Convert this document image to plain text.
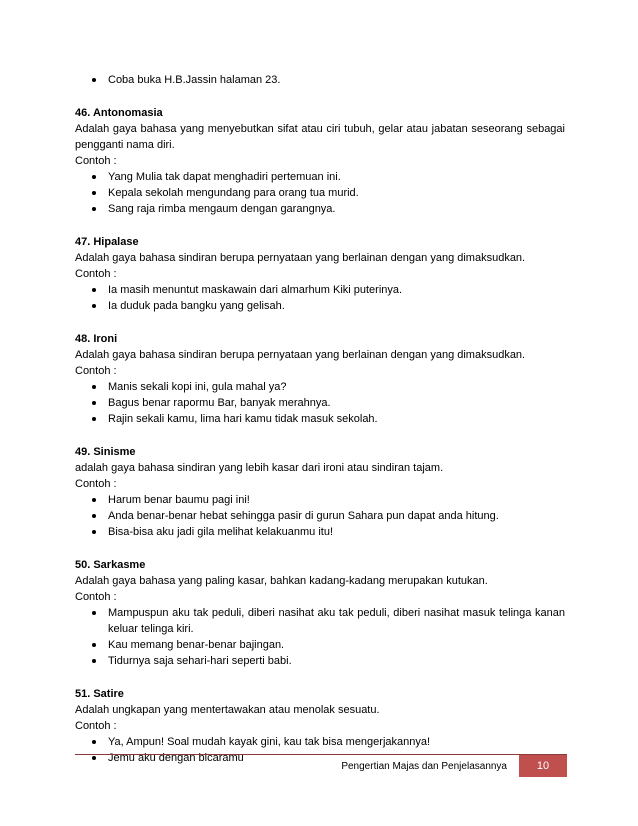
Coba buka H.B.Jassin halaman 23.
46. Antonomasia
Adalah gaya bahasa yang menyebutkan sifat atau ciri tubuh, gelar atau jabatan seseorang sebagai pengganti nama diri.
Contoh :
Yang Mulia tak dapat menghadiri pertemuan ini.
Kepala sekolah mengundang para orang tua murid.
Sang raja rimba mengaum dengan garangnya.
47. Hipalase
Adalah gaya bahasa sindiran berupa pernyataan yang berlainan dengan yang dimaksudkan.
Contoh :
Ia masih menuntut maskawain dari almarhum Kiki puterinya.
Ia duduk pada bangku yang gelisah.
48. Ironi
Adalah gaya bahasa sindiran berupa pernyataan yang berlainan dengan yang dimaksudkan.
Contoh :
Manis sekali kopi ini, gula mahal ya?
Bagus benar rapormu Bar, banyak merahnya.
Rajin sekali kamu, lima hari kamu tidak masuk sekolah.
49. Sinisme
adalah gaya bahasa sindiran yang lebih kasar dari ironi atau sindiran tajam.
Contoh :
Harum benar baumu pagi ini!
Anda benar-benar hebat sehingga pasir di gurun Sahara pun dapat anda hitung.
Bisa-bisa aku jadi gila melihat kelakuanmu itu!
50. Sarkasme
Adalah gaya bahasa yang paling kasar, bahkan kadang-kadang merupakan kutukan.
Contoh :
Mampuspun aku tak peduli, diberi nasihat aku tak peduli, diberi nasihat masuk telinga kanan keluar telinga kiri.
Kau memang benar-benar bajingan.
Tidurnya saja sehari-hari seperti babi.
51. Satire
Adalah ungkapan yang mentertawakan atau menolak sesuatu.
Contoh :
Ya, Ampun! Soal mudah kayak gini, kau tak bisa mengerjakannya!
Jemu aku dengan bicaramu
Pengertian Majas dan Penjelasannya	10
